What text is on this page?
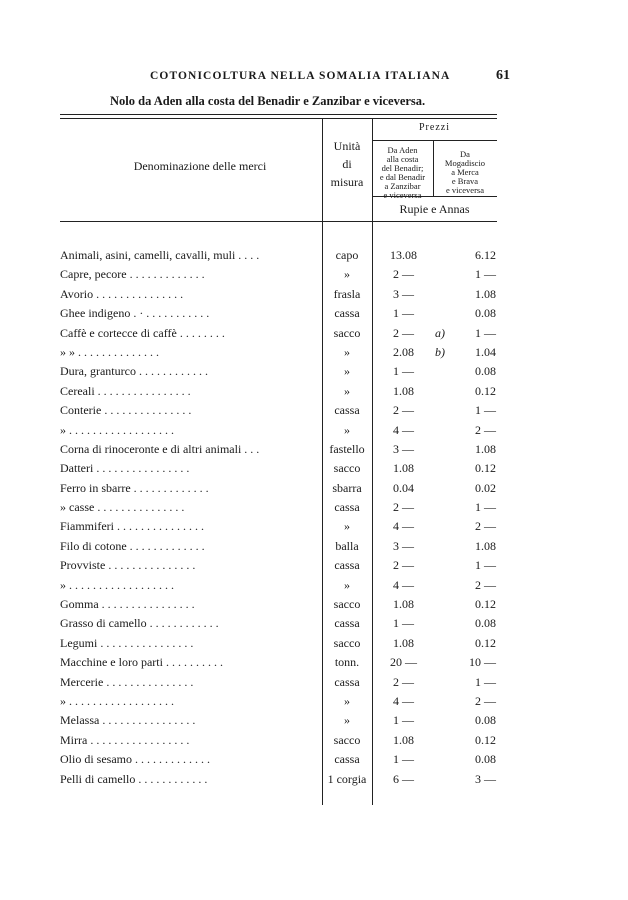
COTONICOLTURA NELLA SOMALIA ITALIANA	61
Nolo da Aden alla costa del Benadir e Zanzibar e viceversa.
Denominazione delle merci
Unità
di
misura
Prezzi
Da Aden
alla costa
del Benadir;
e dal Benadir
a Zanzibar
e viceversa
Da
Mogadiscio
a Merca
e Brava
e viceversa
Rupie e Annas
Animali, asini, camelli, cavalli, muli . . . .	capo	13.08	6.12
Capre, pecore . . . . . . . . . . . . .	»	2 —	1 —
Avorio . . . . . . . . . . . . . . .	frasla	3 —	1.08
Ghee indigeno . · . . . . . . . . . . .	cassa	1 —	0.08
Caffè e cortecce di caffè . . . . . . . .	sacco	2 —	a)	1 —
» » . . . . . . . . . . . . . .	»	2.08	b)	1.04
Dura, granturco . . . . . . . . . . . .	»	1 —	0.08
Cereali . . . . . . . . . . . . . . . .	»	1.08	0.12
Conterie . . . . . . . . . . . . . . .	cassa	2 —	1 —
» . . . . . . . . . . . . . . . . . .	»	4 —	2 —
Corna di rinoceronte e di altri animali . . .	fastello	3 —	1.08
Datteri . . . . . . . . . . . . . . . .	sacco	1.08	0.12
Ferro in sbarre . . . . . . . . . . . . .	sbarra	0.04	0.02
» casse . . . . . . . . . . . . . . .	cassa	2 —	1 —
Fiammiferi . . . . . . . . . . . . . . .	»	4 —	2 —
Filo di cotone . . . . . . . . . . . . .	balla	3 —	1.08
Provviste . . . . . . . . . . . . . . .	cassa	2 —	1 —
» . . . . . . . . . . . . . . . . . .	»	4 —	2 —
Gomma . . . . . . . . . . . . . . . .	sacco	1.08	0.12
Grasso di camello . . . . . . . . . . . .	cassa	1 —	0.08
Legumi . . . . . . . . . . . . . . . .	sacco	1.08	0.12
Macchine e loro parti . . . . . . . . . .	tonn.	20 —	10 —
Mercerie . . . . . . . . . . . . . . .	cassa	2 —	1 —
» . . . . . . . . . . . . . . . . . .	»	4 —	2 —
Melassa . . . . . . . . . . . . . . . .	»	1 —	0.08
Mirra . . . . . . . . . . . . . . . . .	sacco	1.08	0.12
Olio di sesamo . . . . . . . . . . . . .	cassa	1 —	0.08
Pelli di camello . . . . . . . . . . . .	1 corgia	6 —	3 —
